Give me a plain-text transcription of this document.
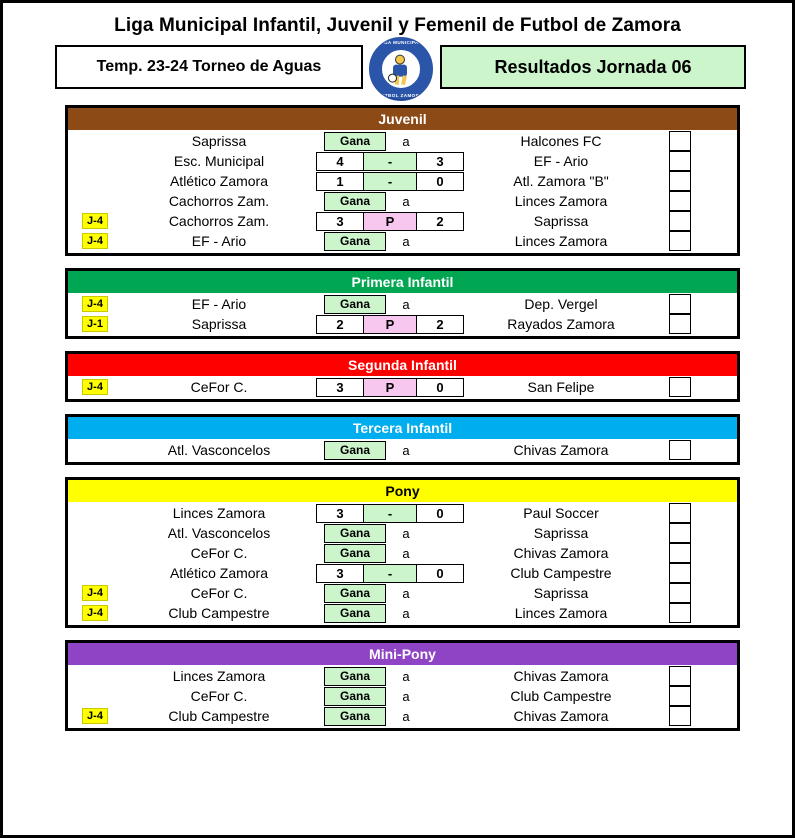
Liga Municipal Infantil, Juvenil y Femenil de Futbol de Zamora
Temp. 23-24 Torneo de Aguas
LIGA MUNICIPAL
FUTBOL ZAMORA
Resultados Jornada 06
Juvenil
Saprissa	Gana	a	Halcones FC
Esc. Municipal	4	-	3	EF - Ario
Atlético Zamora	1	-	0	Atl. Zamora "B"
Cachorros Zam.	Gana	a	Linces Zamora
J-4	Cachorros Zam.	3	P	2	Saprissa
J-4	EF - Ario	Gana	a	Linces Zamora
Primera Infantil
J-4	EF - Ario	Gana	a	Dep. Vergel
J-1	Saprissa	2	P	2	Rayados Zamora
Segunda Infantil
J-4	CeFor C.	3	P	0	San Felipe
Tercera Infantil
Atl. Vasconcelos	Gana	a	Chivas Zamora
Pony
Linces Zamora	3	-	0	Paul Soccer
Atl. Vasconcelos	Gana	a	Saprissa
CeFor C.	Gana	a	Chivas Zamora
Atlético Zamora	3	-	0	Club Campestre
J-4	CeFor C.	Gana	a	Saprissa
J-4	Club Campestre	Gana	a	Linces Zamora
Mini-Pony
Linces Zamora	Gana	a	Chivas Zamora
CeFor C.	Gana	a	Club Campestre
J-4	Club Campestre	Gana	a	Chivas Zamora
